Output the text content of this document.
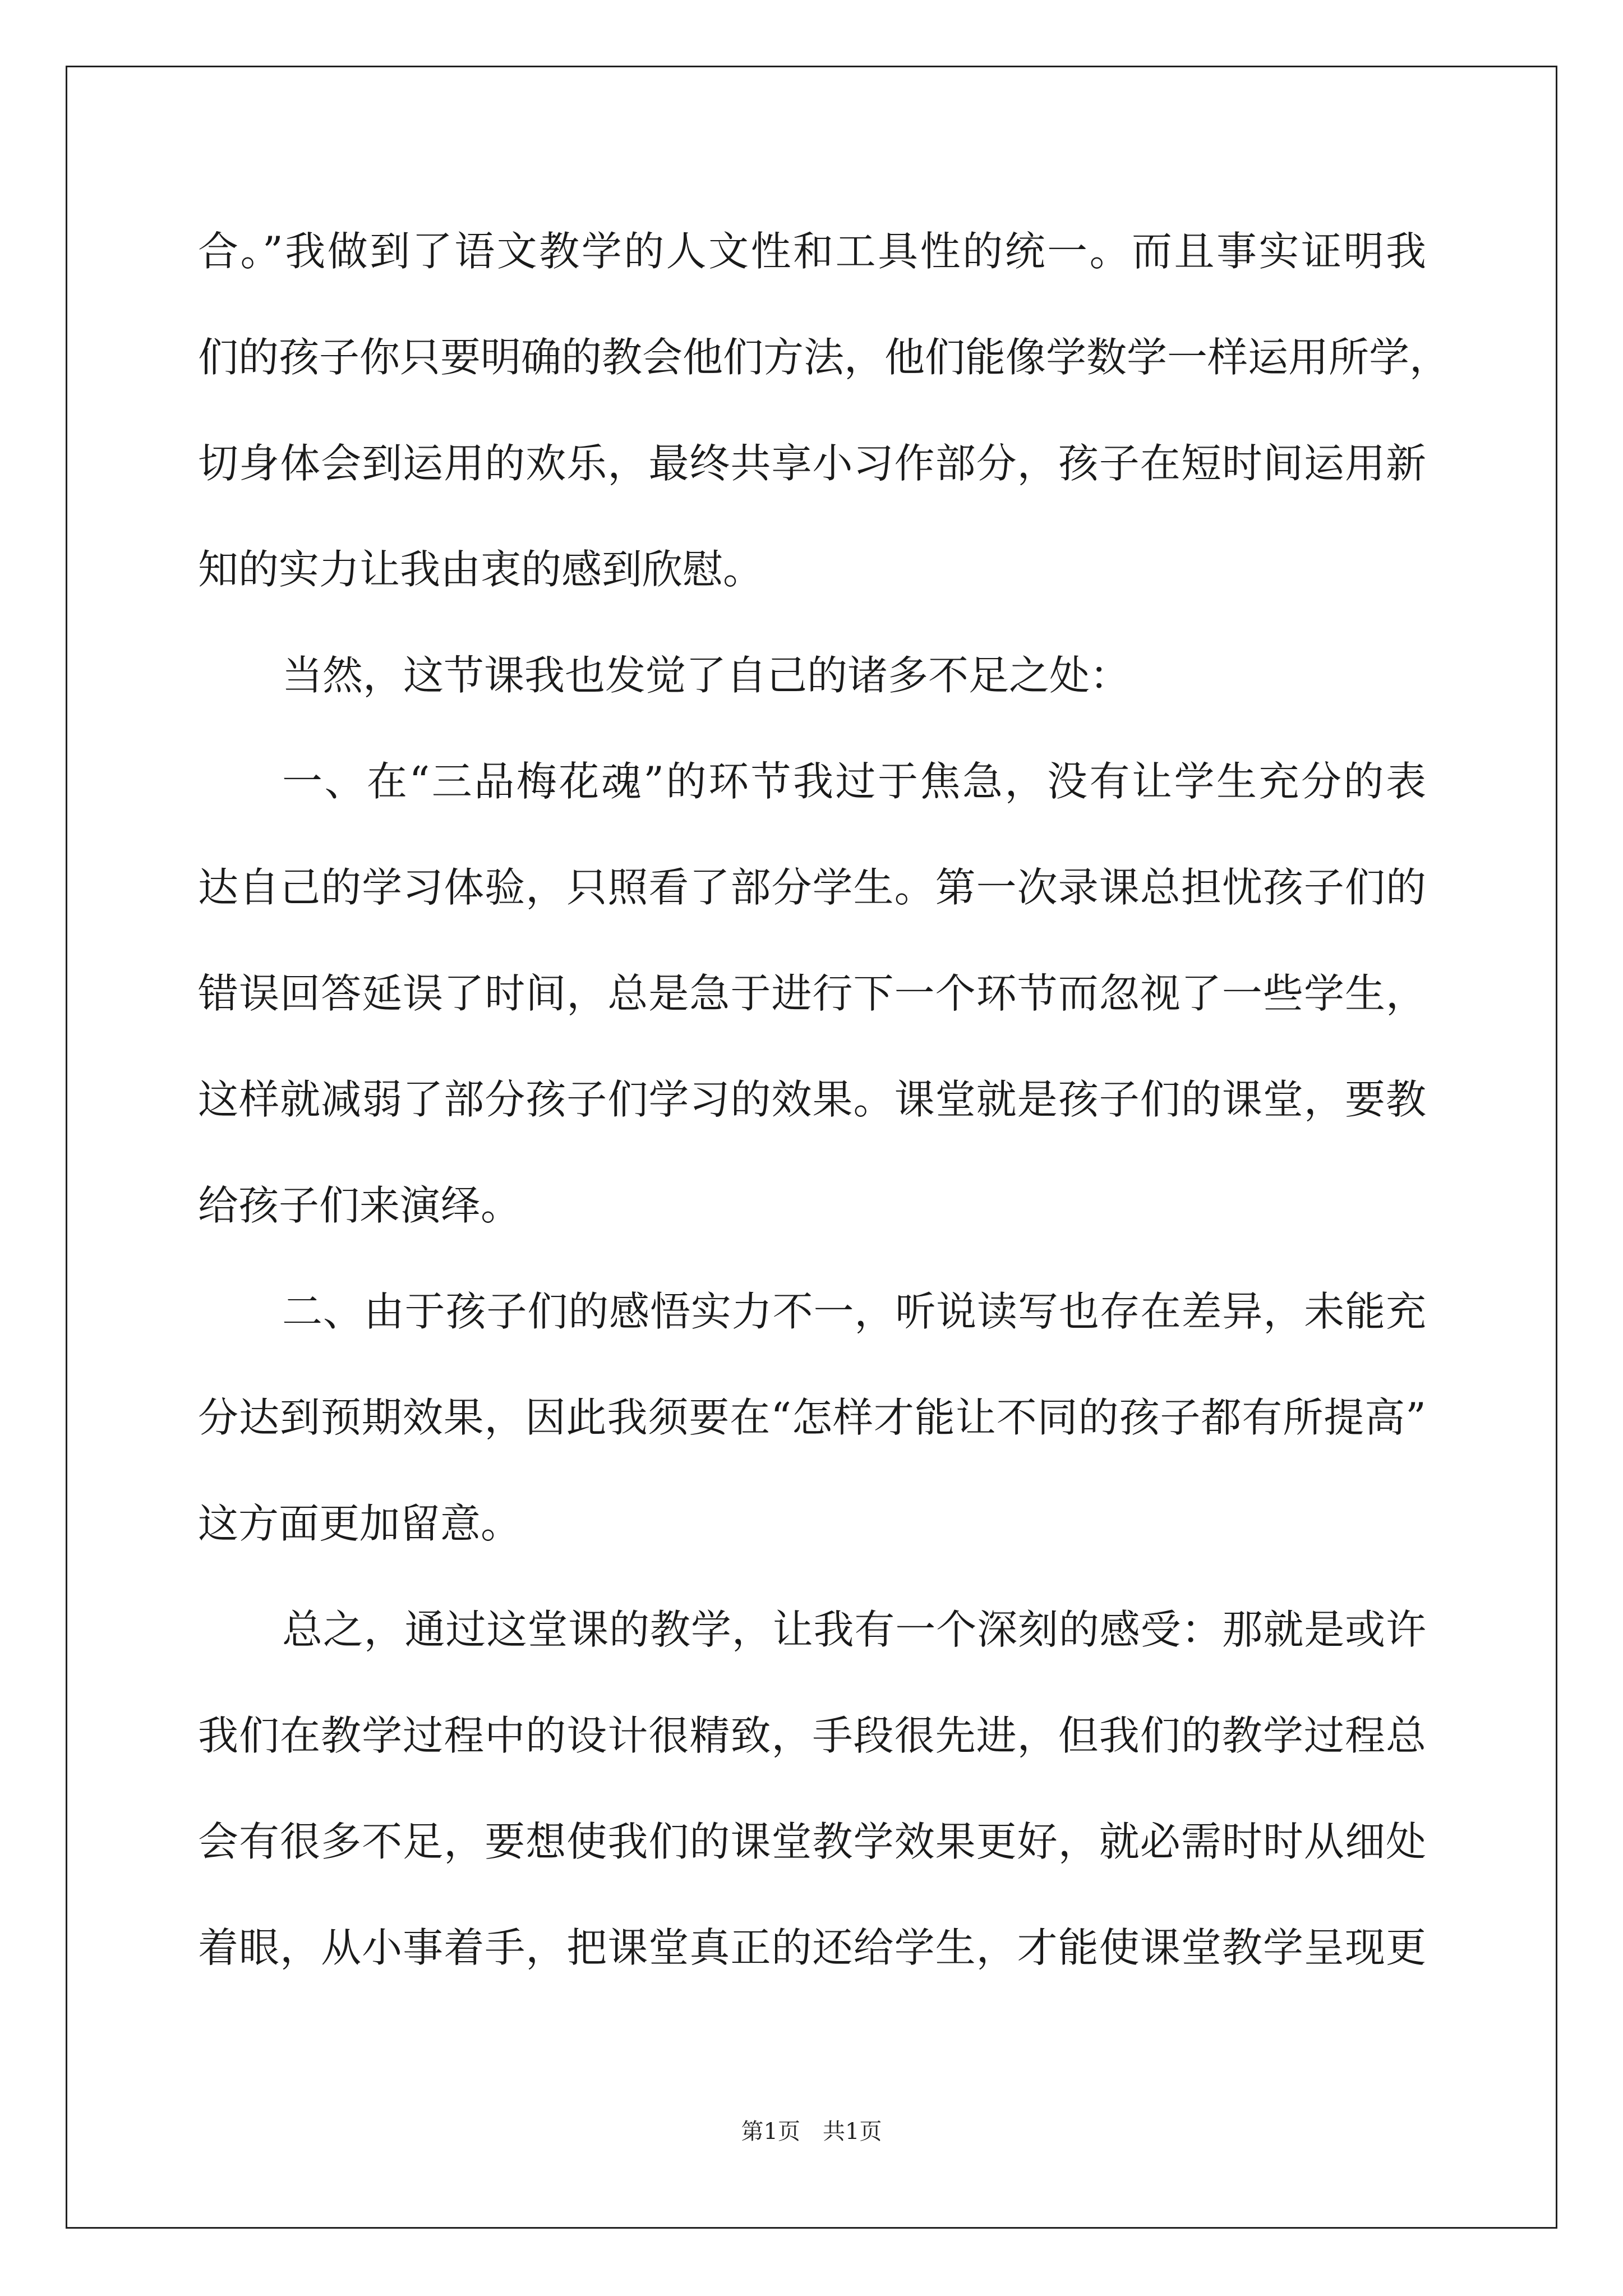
合。”我做到了语文教学的人文性和工具性的统一。而且事实证明我
们的孩子你只要明确的教会他们方法，他们能像学数学一样运用所学，
切身体会到运用的欢乐，最终共享小习作部分，孩子在短时间运用新
知的实力让我由衷的感到欣慰。
当然，这节课我也发觉了自己的诸多不足之处：
一、在“三品梅花魂”的环节我过于焦急，没有让学生充分的表
达自己的学习体验，只照看了部分学生。第一次录课总担忧孩子们的
错误回答延误了时间，总是急于进行下一个环节而忽视了一些学生，
这样就减弱了部分孩子们学习的效果。课堂就是孩子们的课堂，要教
给孩子们来演绎。
二、由于孩子们的感悟实力不一，听说读写也存在差异，未能充
分达到预期效果，因此我须要在“怎样才能让不同的孩子都有所提高”
这方面更加留意。
总之，通过这堂课的教学，让我有一个深刻的感受：那就是或许
我们在教学过程中的设计很精致，手段很先进，但我们的教学过程总
会有很多不足，要想使我们的课堂教学效果更好，就必需时时从细处
着眼，从小事着手，把课堂真正的还给学生，才能使课堂教学呈现更
第1页　共1页
